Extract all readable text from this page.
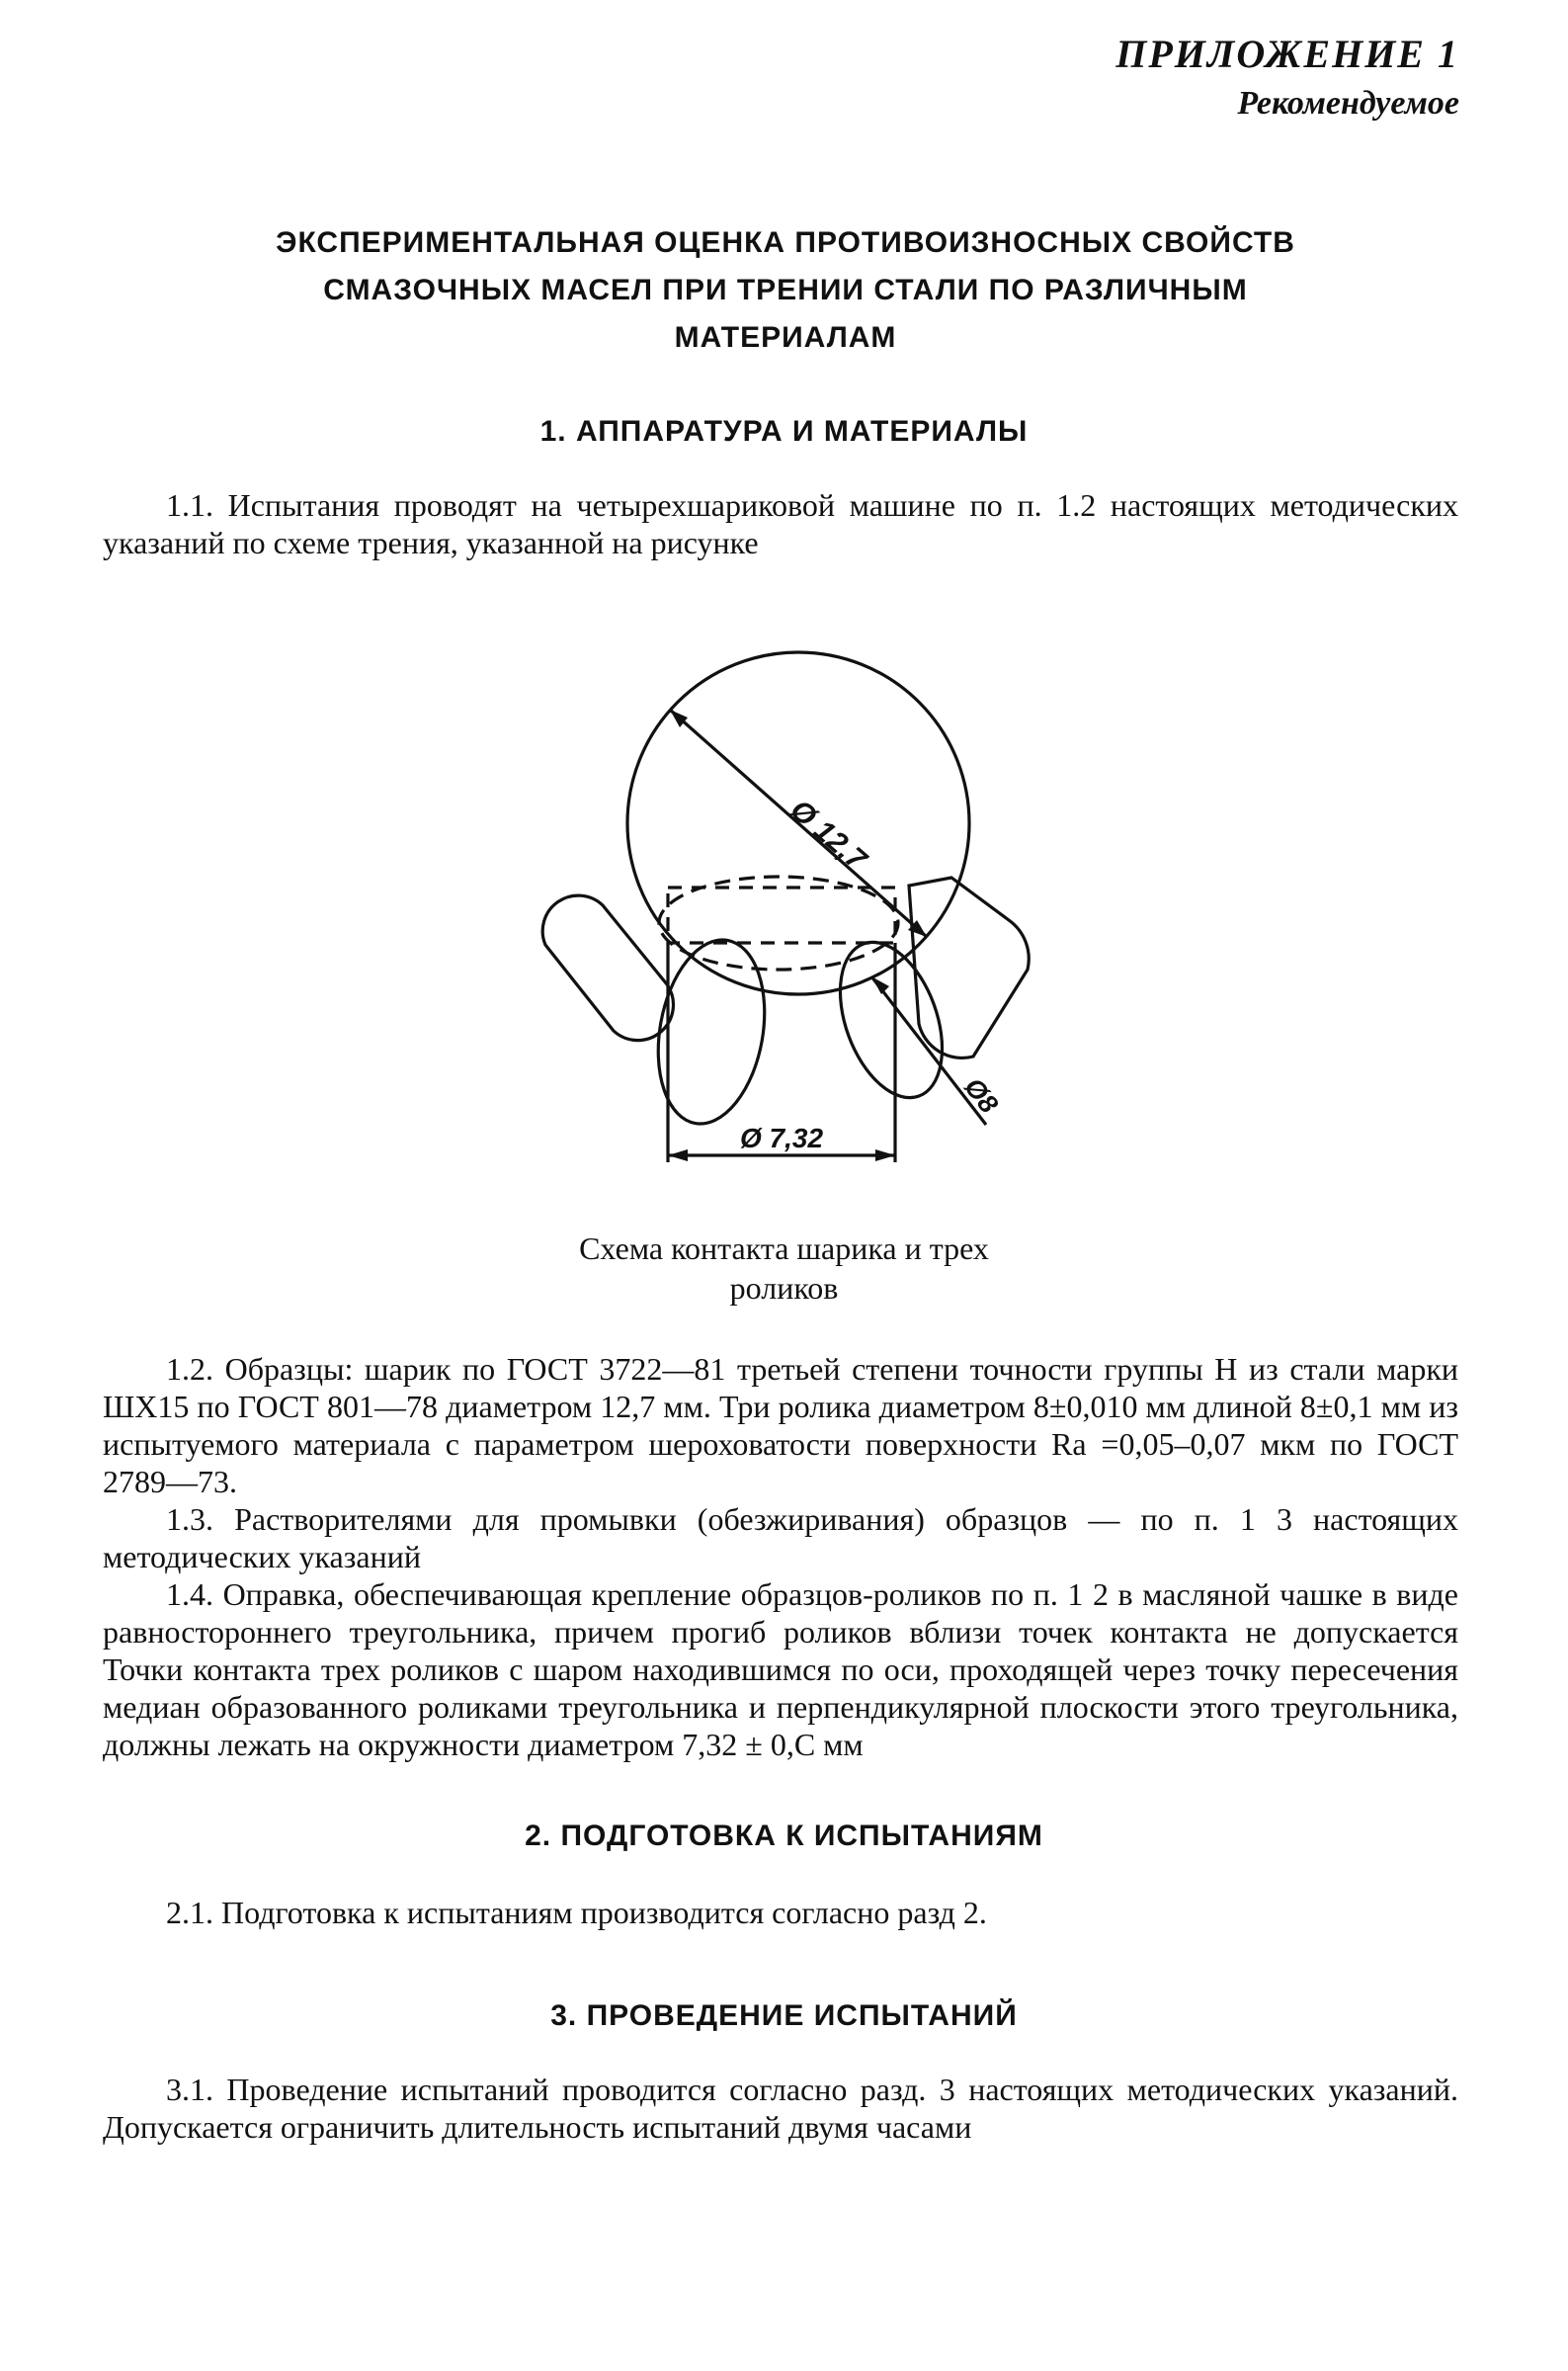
ПРИЛОЖЕНИЕ 1
Рекомендуемое
ЭКСПЕРИМЕНТАЛЬНАЯ ОЦЕНКА ПРОТИВОИЗНОСНЫХ СВОЙСТВ
СМАЗОЧНЫХ МАСЕЛ ПРИ ТРЕНИИ СТАЛИ ПО РАЗЛИЧНЫМ
МАТЕРИАЛАМ
1. АППАРАТУРА И МАТЕРИАЛЫ

1.1. Испытания проводят на четырехшариковой машине по п. 1.2 настоящих методических указаний по схеме трения, указанной на рисунке

Ø 12,7
Ø8
Ø 7,32
Схема контакта шарика и трех
роликов

1.2. Образцы: шарик по ГОСТ 3722—81 третьей степени точности группы Н из стали марки ШХ15 по ГОСТ 801—78 диаметром 12,7 мм. Три ролика диаметром 8±0,010 мм длиной 8±0,1 мм из испытуемого материала с параметром шероховатости поверхности Ra =0,05–0,07 мкм по ГОСТ 2789—73.

1.3. Растворителями для промывки (обезжиривания) образцов — по п. 1 3 настоящих методических указаний

1.4. Оправка, обеспечивающая крепление образцов-роликов по п. 1 2 в масляной чашке в виде равностороннего треугольника, причем прогиб роликов вблизи точек контакта не допускается Точки контакта трех роликов с шаром находившимся по оси, проходящей через точку пересечения медиан образованного роликами треугольника и перпендикулярной плоскости этого треугольника, должны лежать на окружности диаметром 7,32 ± 0,С мм

2. ПОДГОТОВКА К ИСПЫТАНИЯМ

2.1. Подготовка к испытаниям производится согласно разд 2.

3. ПРОВЕДЕНИЕ ИСПЫТАНИЙ

3.1. Проведение испытаний проводится согласно разд. 3 настоящих методических указаний. Допускается ограничить длительность испытаний двумя часами
